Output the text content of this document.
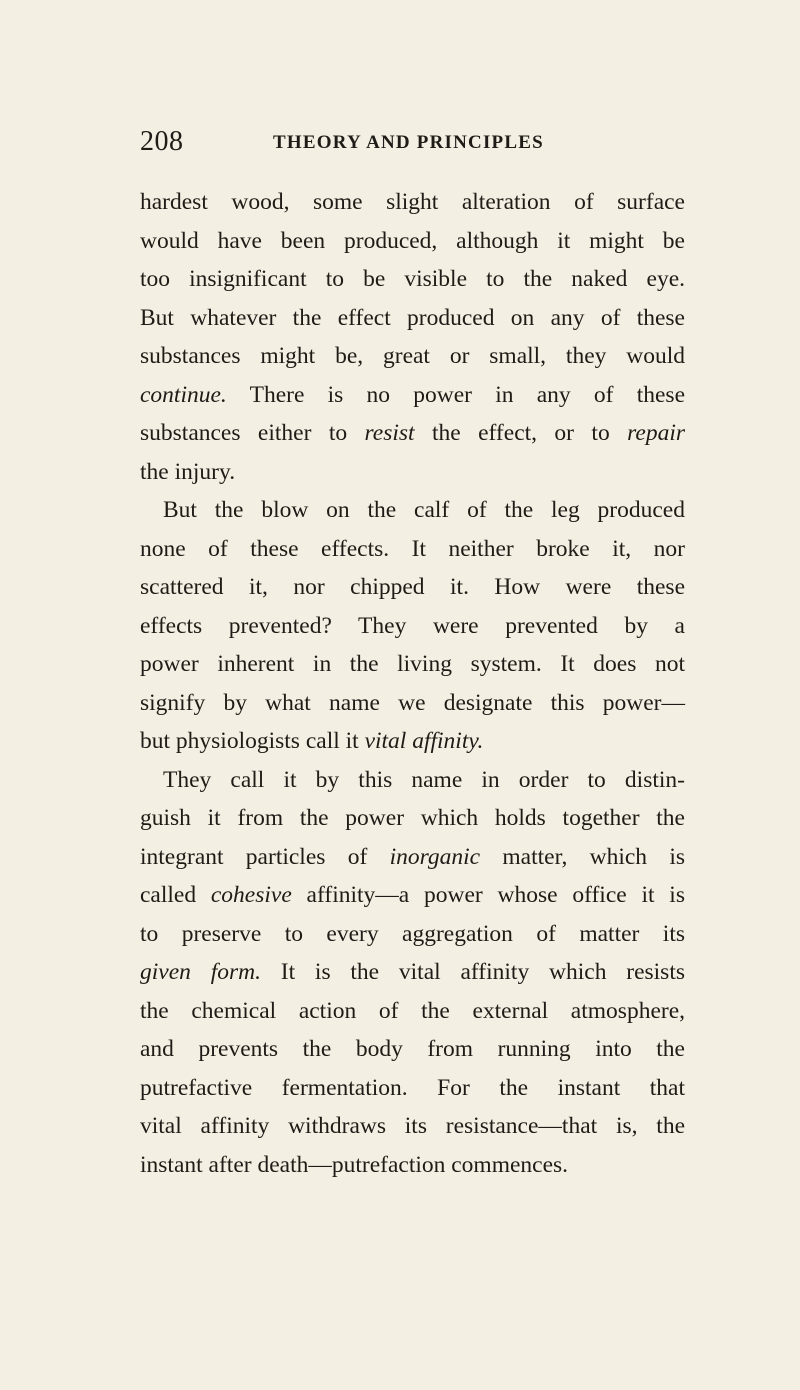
208	THEORY AND PRINCIPLES
hardest wood, some slight alteration of surface
would have been produced, although it might be
too insignificant to be visible to the naked eye.
But whatever the effect produced on any of these
substances might be, great or small, they would
continue. There is no power in any of these
substances either to resist the effect, or to repair
the injury.
But the blow on the calf of the leg produced
none of these effects. It neither broke it, nor
scattered it, nor chipped it. How were these
effects prevented? They were prevented by a
power inherent in the living system. It does not
signify by what name we designate this power—
but physiologists call it vital affinity.
They call it by this name in order to distin-
guish it from the power which holds together the
integrant particles of inorganic matter, which is
called cohesive affinity—a power whose office it is
to preserve to every aggregation of matter its
given form. It is the vital affinity which resists
the chemical action of the external atmosphere,
and prevents the body from running into the
putrefactive fermentation. For the instant that
vital affinity withdraws its resistance—that is, the
instant after death—putrefaction commences.
